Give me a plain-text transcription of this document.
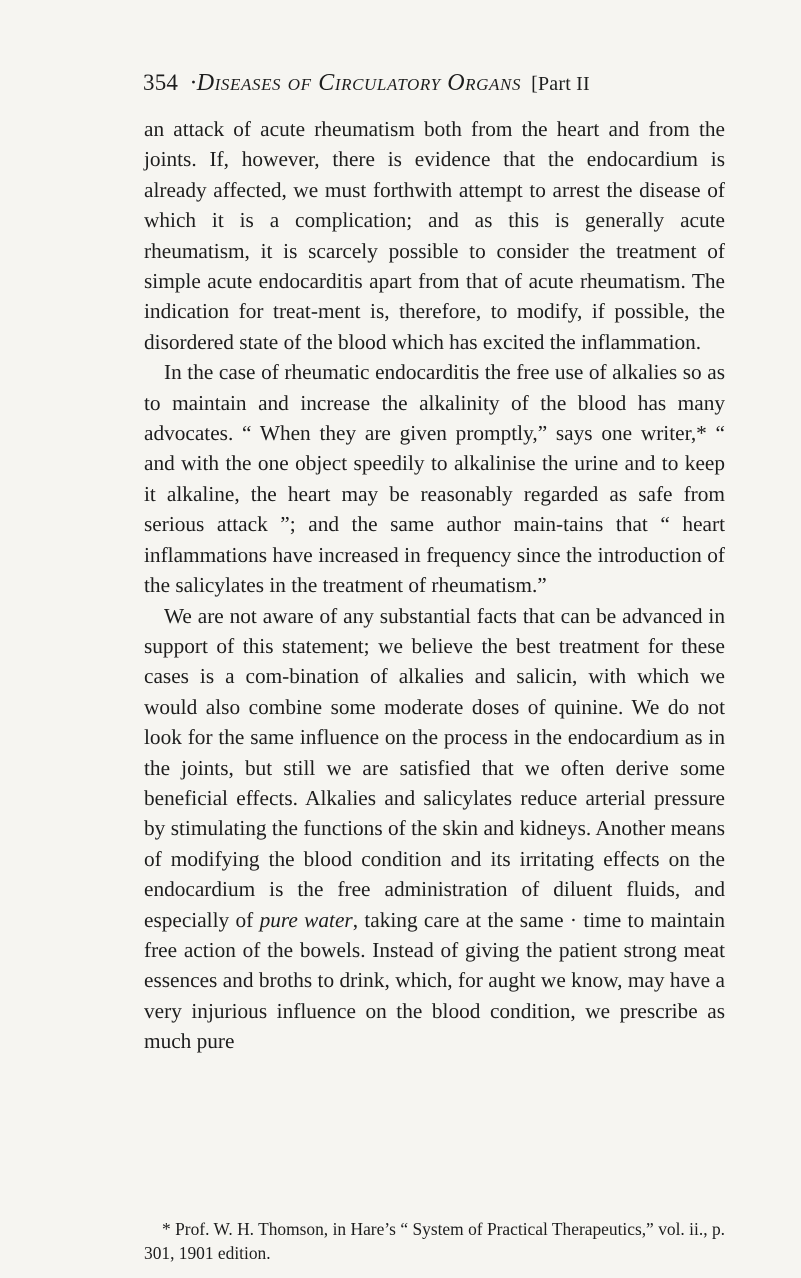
354 ·Diseases of Circulatory Organs [Part II

an attack of acute rheumatism both from the heart and from the joints. If, however, there is evidence that the endocardium is already affected, we must forthwith attempt to arrest the disease of which it is a complication; and as this is generally acute rheumatism, it is scarcely possible to consider the treatment of simple acute endocarditis apart from that of acute rheumatism. The indication for treat-ment is, therefore, to modify, if possible, the disordered state of the blood which has excited the inflammation.

In the case of rheumatic endocarditis the free use of alkalies so as to maintain and increase the alkalinity of the blood has many advocates. “ When they are given promptly,” says one writer,* “ and with the one object speedily to alkalinise the urine and to keep it alkaline, the heart may be reasonably regarded as safe from serious attack ”; and the same author main-tains that “ heart inflammations have increased in frequency since the introduction of the salicylates in the treatment of rheumatism.”

We are not aware of any substantial facts that can be advanced in support of this statement; we believe the best treatment for these cases is a com-bination of alkalies and salicin, with which we would also combine some moderate doses of quinine. We do not look for the same influence on the process in the endocardium as in the joints, but still we are satisfied that we often derive some beneficial effects. Alkalies and salicylates reduce arterial pressure by stimulating the functions of the skin and kidneys. Another means of modifying the blood condition and its irritating effects on the endocardium is the free administration of diluent fluids, and especially of pure water, taking care at the same · time to maintain free action of the bowels. Instead of giving the patient strong meat essences and broths to drink, which, for aught we know, may have a very injurious influence on the blood condition, we prescribe as much pure

* Prof. W. H. Thomson, in Hare’s “ System of Practical Therapeutics,” vol. ii., p. 301, 1901 edition.
